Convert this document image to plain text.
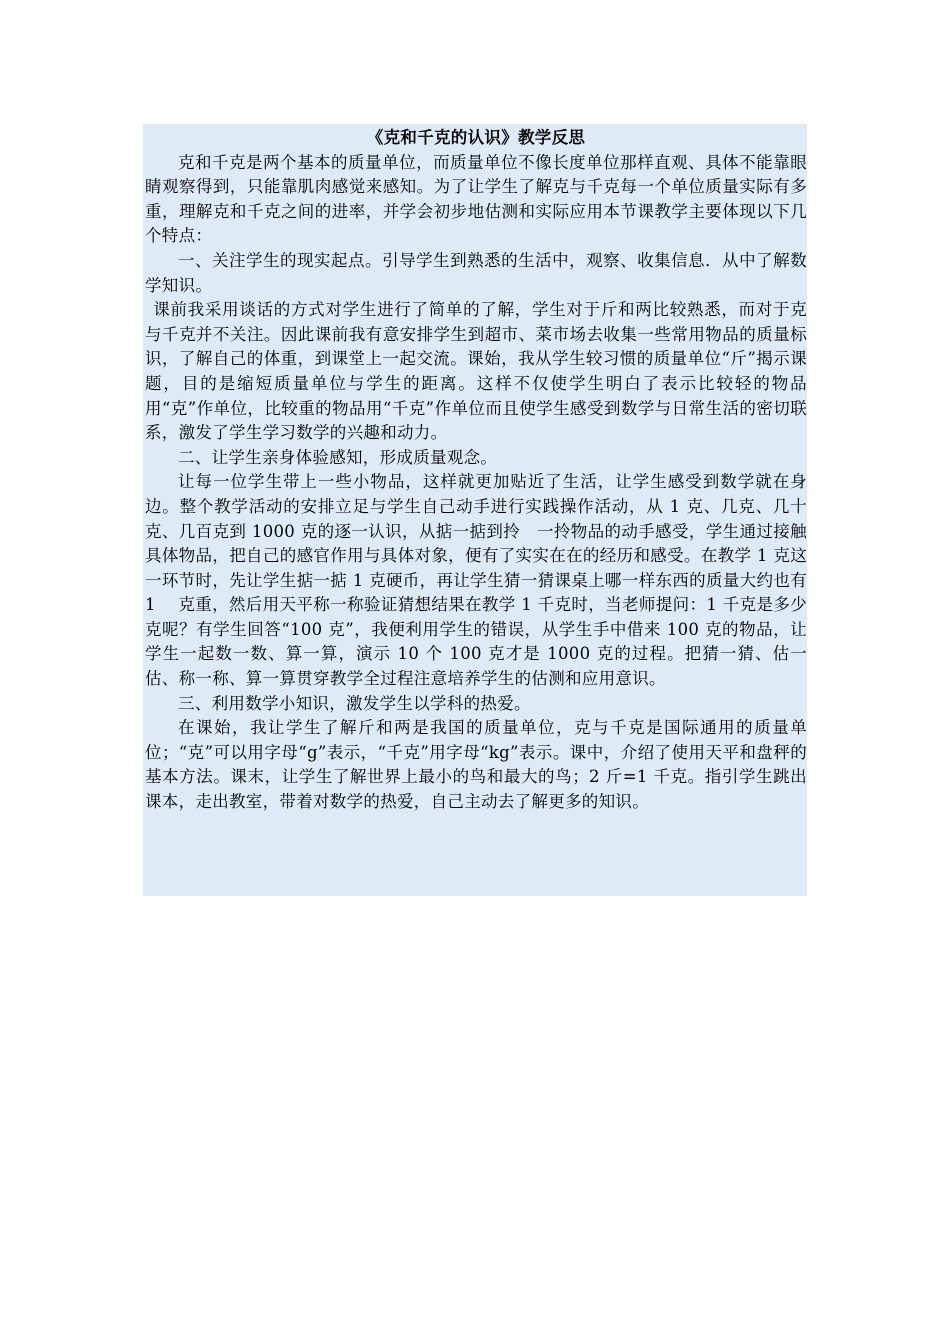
《克和千克的认识》教学反思

克和千克是两个基本的质量单位，而质量单位不像长度单位那样直观、具体不能靠眼睛观察得到，只能靠肌肉感觉来感知。为了让学生了解克与千克每一个单位质量实际有多重，理解克和千克之间的进率，并学会初步地估测和实际应用本节课教学主要体现以下几个特点：

一、关注学生的现实起点。引导学生到熟悉的生活中，观察、收集信息．从中了解数学知识。

课前我采用谈话的方式对学生进行了简单的了解，学生对于斤和两比较熟悉，而对于克与千克并不关注。因此课前我有意安排学生到超市、菜市场去收集一些常用物品的质量标识，了解自己的体重，到课堂上一起交流。课始，我从学生较习惯的质量单位“斤”揭示课题，目的是缩短质量单位与学生的距离。这样不仅使学生明白了表示比较轻的物品用“克”作单位，比较重的物品用“千克”作单位而且使学生感受到数学与日常生活的密切联系，激发了学生学习数学的兴趣和动力。

二、让学生亲身体验感知，形成质量观念。

让每一位学生带上一些小物品，这样就更加贴近了生活，让学生感受到数学就在身边。整个教学活动的安排立足与学生自己动手进行实践操作活动，从 1 克、几克、几十克、几百克到 1000 克的逐一认识，从掂一掂到拎　一拎物品的动手感受，学生通过接触具体物品，把自己的感官作用与具体对象，便有了实实在在的经历和感受。在教学 1 克这一环节时，先让学生掂一掂 1 克硬币，再让学生猜一猜课桌上哪一样东西的质量大约也有 1　 克重，然后用天平称一称验证猜想结果在教学 1 千克时，当老师提问：1 千克是多少克呢？有学生回答“100 克”，我便利用学生的错误，从学生手中借来 100 克的物品，让学生一起数一数、算一算，演示 10 个 100 克才是 1000 克的过程。把猜一猜、估一估、称一称、算一算贯穿教学全过程注意培养学生的估测和应用意识。

三、利用数学小知识，激发学生以学科的热爱。

在课始，我让学生了解斤和两是我国的质量单位，克与千克是国际通用的质量单位；“克”可以用字母“g”表示，“千克”用字母“kg”表示。课中，介绍了使用天平和盘秤的基本方法。课末，让学生了解世界上最小的鸟和最大的鸟；2 斤=1 千克。指引学生跳出课本，走出教室，带着对数学的热爱，自己主动去了解更多的知识。
